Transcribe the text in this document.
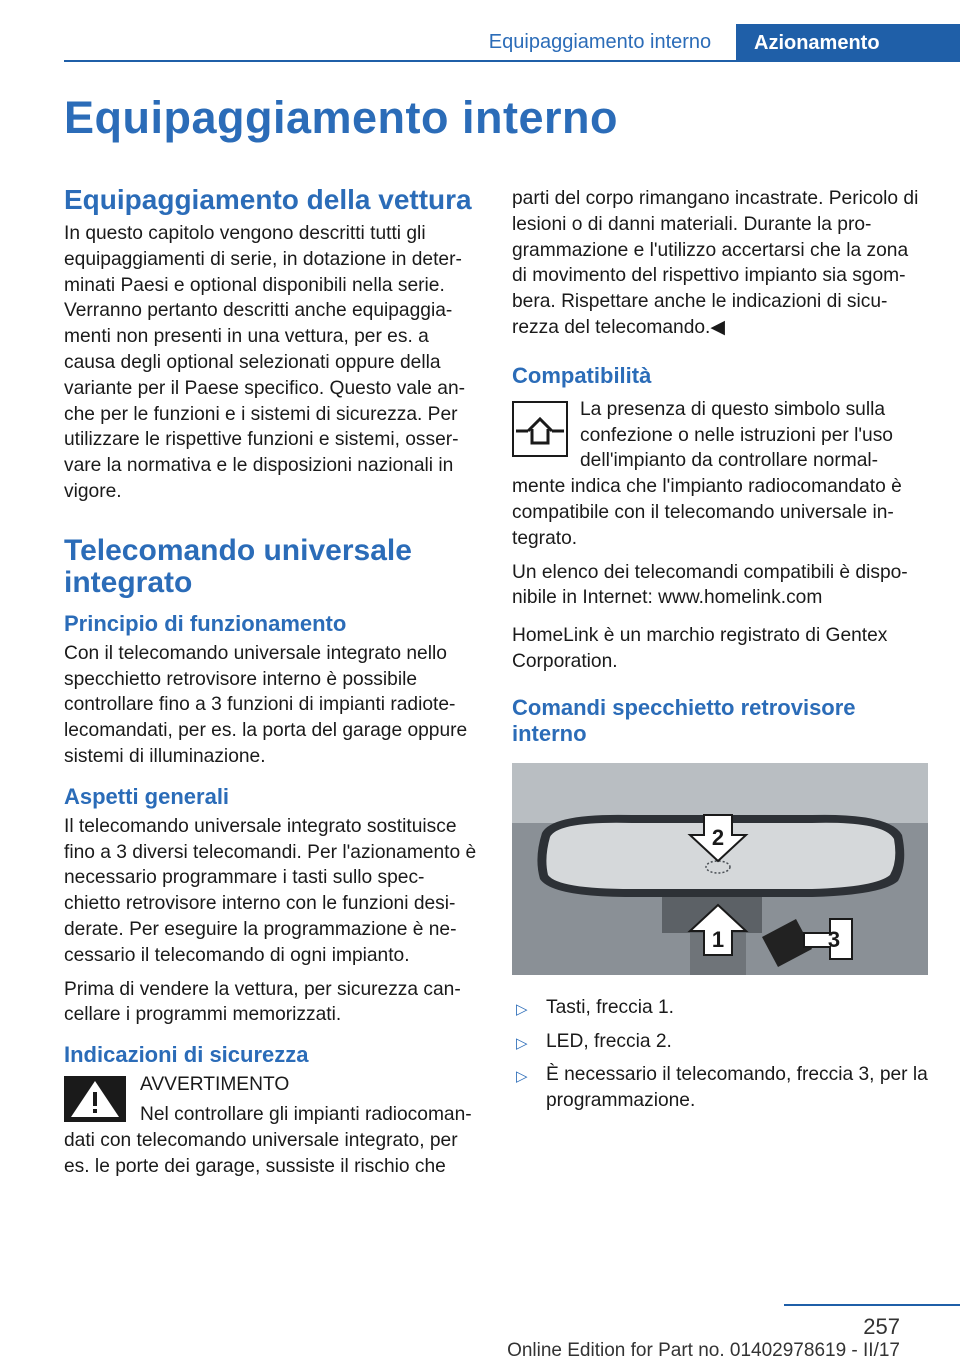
Equipaggiamento interno	Azionamento
Equipaggiamento interno
Equipaggiamento della vettura

In questo capitolo vengono descritti tutti gli equipaggiamenti di serie, in dotazione in deter-minati Paesi e optional disponibili nella serie. Verranno pertanto descritti anche equipaggia-menti non presenti in una vettura, per es. a causa degli optional selezionati oppure della variante per il Paese specifico. Questo vale an-che per le funzioni e i sistemi di sicurezza. Per utilizzare le rispettive funzioni e sistemi, osser-vare la normativa e le disposizioni nazionali in vigore.

Telecomando universale integrato
Principio di funzionamento

Con il telecomando universale integrato nello specchietto retrovisore interno è possibile controllare fino a 3 funzioni di impianti radiote-lecomandati, per es. la porta del garage oppure sistemi di illuminazione.

Aspetti generali

Il telecomando universale integrato sostituisce fino a 3 diversi telecomandi. Per l'azionamento è necessario programmare i tasti sullo spec-chietto retrovisore interno con le funzioni desi-derate. Per eseguire la programmazione è ne-cessario il telecomando di ogni impianto.

Prima di vendere la vettura, per sicurezza can-cellare i programmi memorizzati.

Indicazioni di sicurezza

AVVERTIMENTO

Nel controllare gli impianti radiocoman-dati con telecomando universale integrato, per es. le porte dei garage, sussiste il rischio che

parti del corpo rimangano incastrate. Pericolo di lesioni o di danni materiali. Durante la pro-grammazione e l'utilizzo accertarsi che la zona di movimento del rispettivo impianto sia sgom-bera. Rispettare anche le indicazioni di sicu-rezza del telecomando.◀

Compatibilità

La presenza di questo simbolo sulla confezione o nelle istruzioni per l'uso dell'impianto da controllare normal-mente indica che l'impianto radiocomandato è compatibile con il telecomando universale in-tegrato.

Un elenco dei telecomandi compatibili è dispo-nibile in Internet: www.homelink.com

HomeLink è un marchio registrato di Gentex Corporation.

Comandi specchietto retrovisore interno
2
1	3
▷ Tasti, freccia 1.
▷ LED, freccia 2.
▷ È necessario il telecomando, freccia 3, per la programmazione.
257
Online Edition for Part no. 01402978619 - II/17
